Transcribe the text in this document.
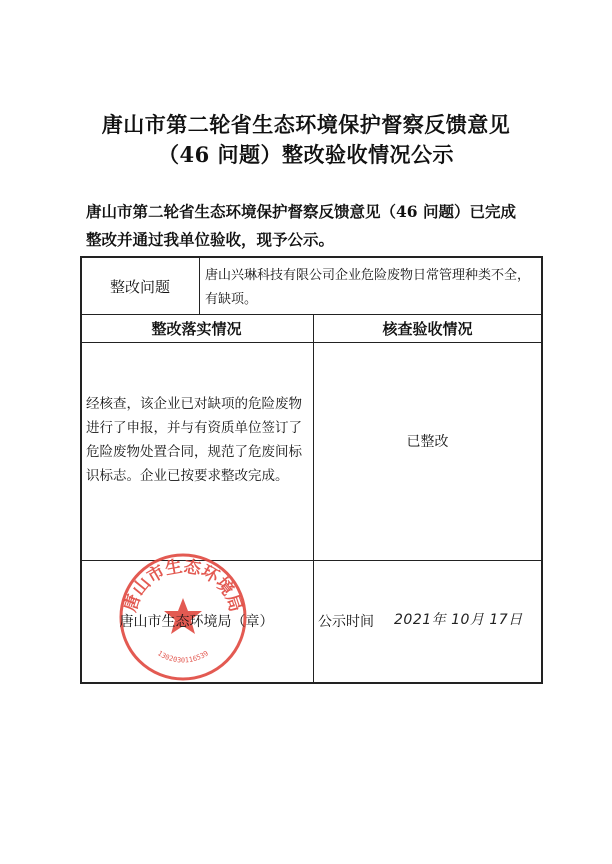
唐山市第二轮省生态环境保护督察反馈意见
（46 问题）整改验收情况公示
唐山市第二轮省生态环境保护督察反馈意见（46 问题）已完成
整改并通过我单位验收，现予公示。
整改问题
唐山兴琳科技有限公司企业危险废物日常管理种类不全，有缺项。
整改落实情况	核查验收情况
经核查，该企业已对缺项的危险废物进行了申报，并与有资质单位签订了危险废物处置合同，规范了危废间标识标志。企业已按要求整改完成。
已整改
唐山市生态环境局
1302030116539
唐山市生态环境局（章）	公示时间 2021年 10月 17日
